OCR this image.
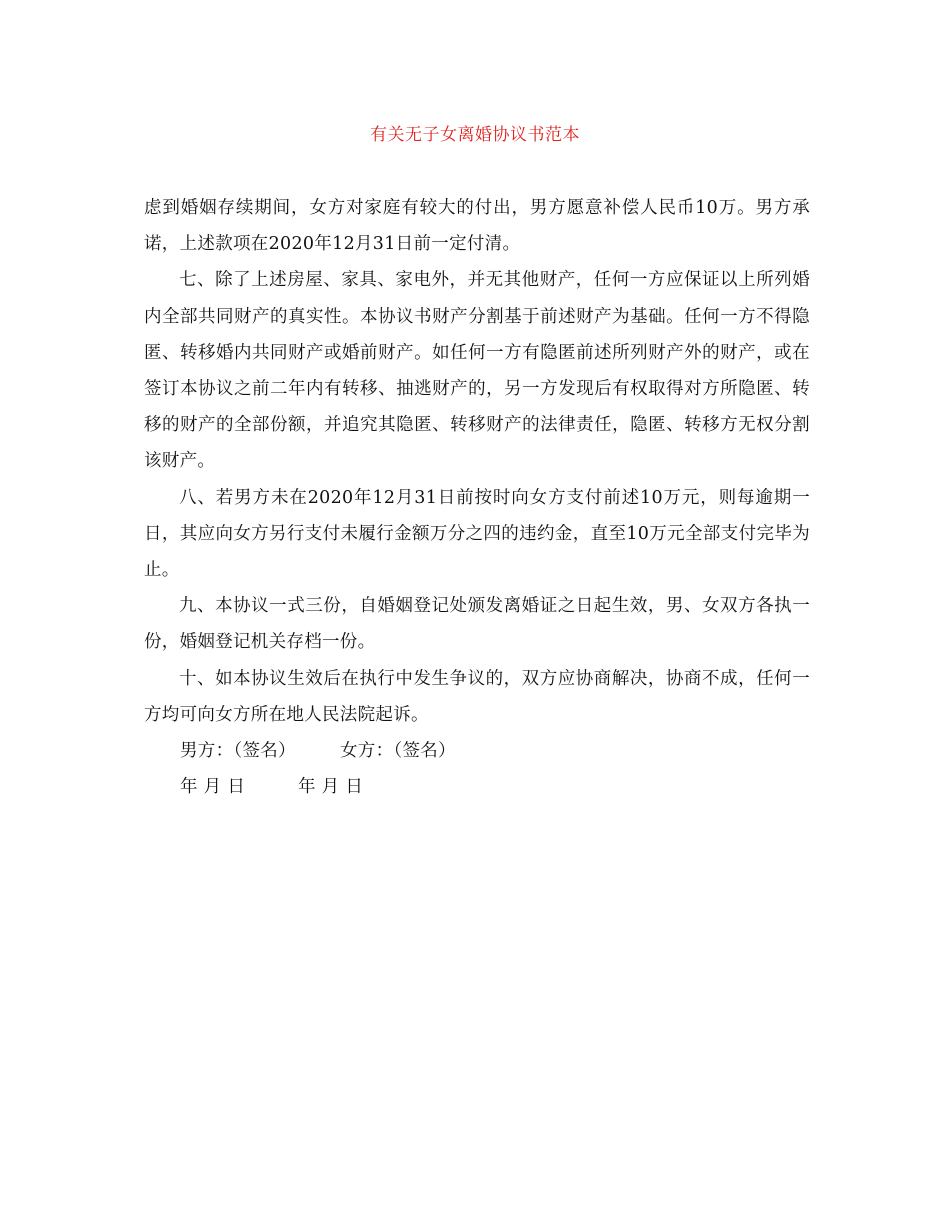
有关无子女离婚协议书范本

虑到婚姻存续期间，女方对家庭有较大的付出，男方愿意补偿人民币10万。男方承诺，上述款项在2020年12月31日前一定付清。

七、除了上述房屋、家具、家电外，并无其他财产，任何一方应保证以上所列婚内全部共同财产的真实性。本协议书财产分割基于前述财产为基础。任何一方不得隐匿、转移婚内共同财产或婚前财产。如任何一方有隐匿前述所列财产外的财产，或在签订本协议之前二年内有转移、抽逃财产的，另一方发现后有权取得对方所隐匿、转移的财产的全部份额，并追究其隐匿、转移财产的法律责任，隐匿、转移方无权分割该财产。

八、若男方未在2020年12月31日前按时向女方支付前述10万元，则每逾期一日，其应向女方另行支付未履行金额万分之四的违约金，直至10万元全部支付完毕为止。

九、本协议一式三份，自婚姻登记处颁发离婚证之日起生效，男、女双方各执一份，婚姻登记机关存档一份。

十、如本协议生效后在执行中发生争议的，双方应协商解决，协商不成，任何一方均可向女方所在地人民法院起诉。

男方：（签名）	女方：（签名）
年 月 日	年 月 日
